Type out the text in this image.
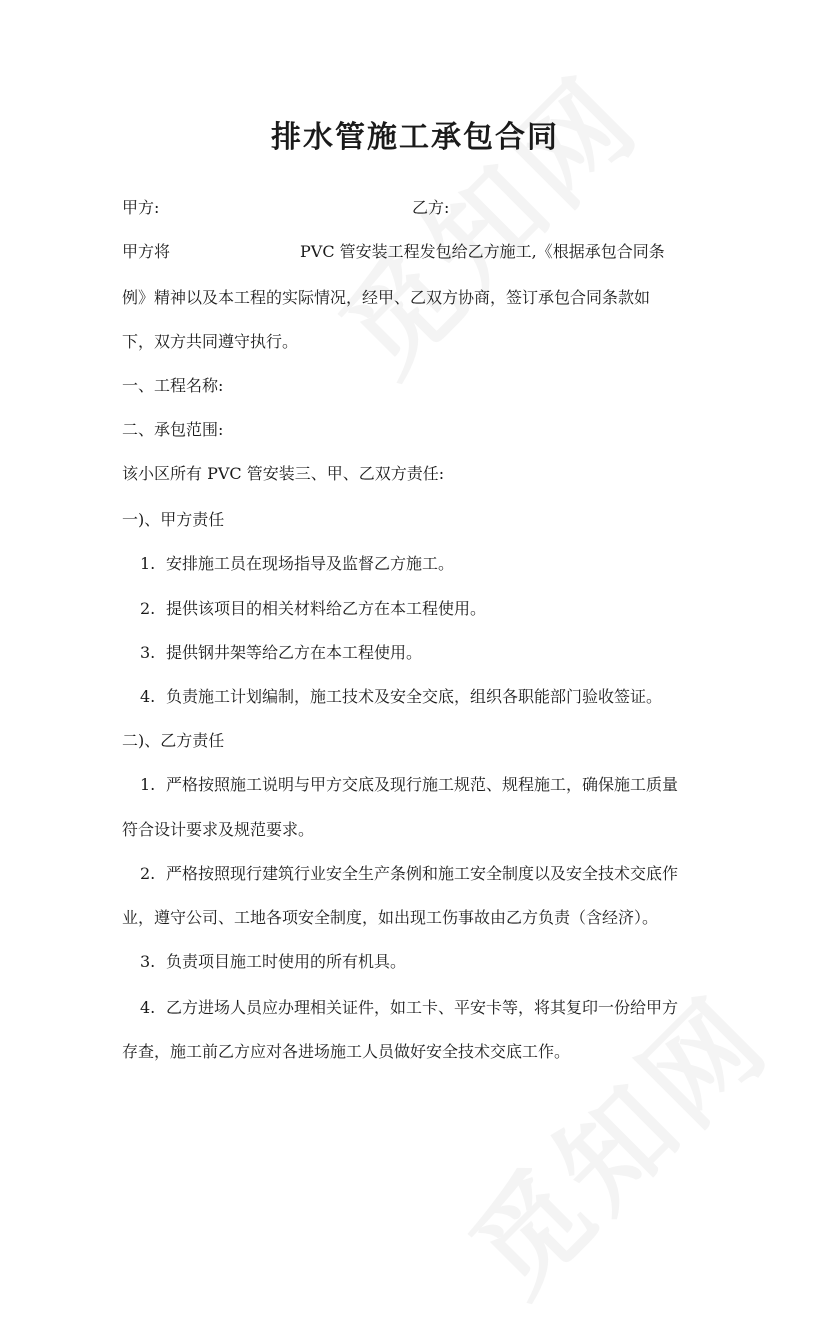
排水管施工承包合同
甲方:	乙方:
甲方将	PVC 管安装工程发包给乙方施工,《根据承包合同条
例》精神以及本工程的实际情况，经甲、乙双方协商，签订承包合同条款如
下，双方共同遵守执行。
一、工程名称:
二、承包范围:
该小区所有 PVC 管安装三、甲、乙双方责任:
一)、甲方责任
1. 安排施工员在现场指导及监督乙方施工。
2. 提供该项目的相关材料给乙方在本工程使用。
3. 提供钢井架等给乙方在本工程使用。
4. 负责施工计划编制，施工技术及安全交底，组织各职能部门验收签证。
二)、乙方责任
1. 严格按照施工说明与甲方交底及现行施工规范、规程施工，确保施工质量
符合设计要求及规范要求。
2. 严格按照现行建筑行业安全生产条例和施工安全制度以及安全技术交底作
业，遵守公司、工地各项安全制度，如出现工伤事故由乙方负责（含经济）。
3. 负责项目施工时使用的所有机具。
4. 乙方进场人员应办理相关证件，如工卡、平安卡等，将其复印一份给甲方
存查，施工前乙方应对各进场施工人员做好安全技术交底工作。
